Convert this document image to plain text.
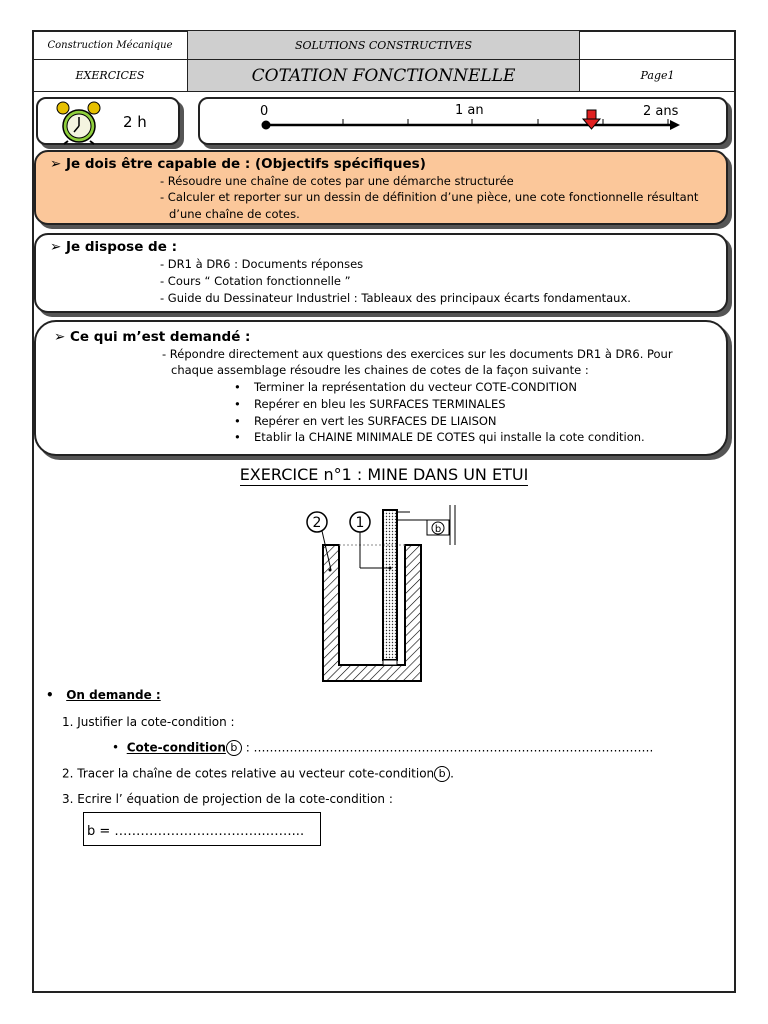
Construction Mécanique	SOLUTIONS CONSTRUCTIVES
EXERCICES	COTATION FONCTIONNELLE	Page1
2 h
0	1 an	2 ans
➢ Je dois être capable de : (Objectifs spécifiques)
- Résoudre une chaîne de cotes par une démarche structurée
- Calculer et reporter sur un dessin de définition d’une pièce, une cote fonctionnelle résultant
d’une chaîne de cotes.
➢ Je dispose de :
- DR1 à DR6 : Documents réponses
- Cours “ Cotation fonctionnelle ”
- Guide du Dessinateur Industriel : Tableaux des principaux écarts fondamentaux.
➢ Ce qui m’est demandé :
- Répondre directement aux questions des exercices sur les documents DR1 à DR6. Pour
chaque assemblage résoudre les chaines de cotes de la façon suivante :
• Terminer la représentation du vecteur COTE-CONDITION
• Repérer en bleu les SURFACES TERMINALES
• Repérer en vert les SURFACES DE LIAISON
• Etablir la CHAINE MINIMALE DE COTES qui installe la cote condition.
EXERCICE n°1 : MINE DANS UN ETUI
2 1	b
•   On demande :
1. Justifier la cote-condition :
•  Cote-condition b : ……………………………………………………………………………………….
2. Tracer la chaîne de cotes relative au vecteur cote-condition b .
3. Ecrire l’ équation de projection de la cote-condition :
b = ……………………………..……...
